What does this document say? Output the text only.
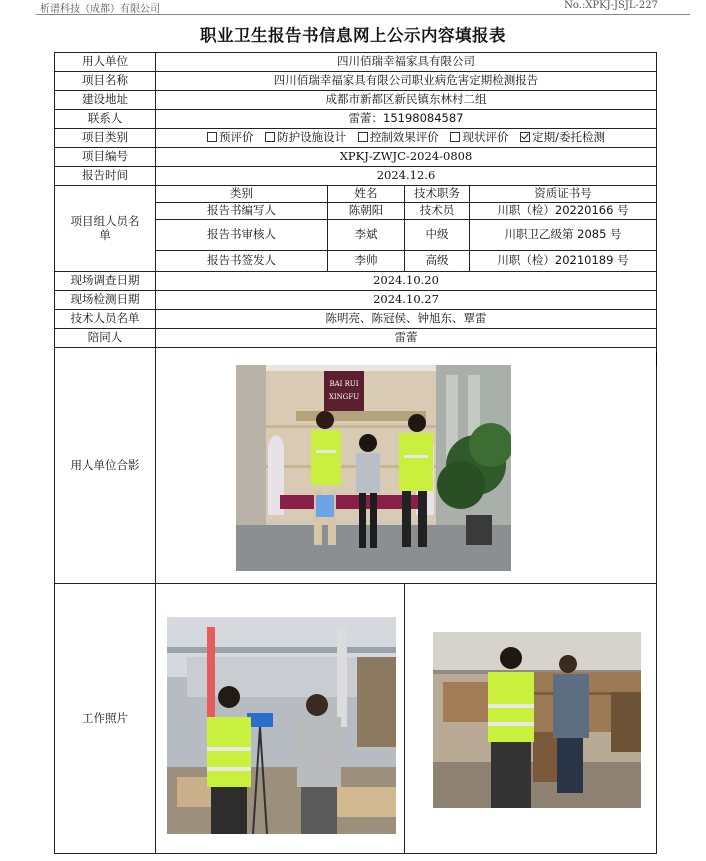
析谱科技（成都）有限公司	No.:XPKJ-JSJL-227
职业卫生报告书信息网上公示内容填报表
用人单位	四川佰瑞幸福家具有限公司			
项目名称	四川佰瑞幸福家具有限公司职业病危害定期检测报告			
建设地址	成都市新都区新民镇东林村二组			
联系人	雷蕾：15198084587			
项目类别	预评价 防护设施设计 控制效果评价 现状评价 定期/委托检测			
项目编号	XPKJ-ZWJC-2024-0808			
报告时间	2024.12.6			
项目组人员名单	类别	姓名	技术职务	资质证书号
	报告书编写人	陈朝阳	技术员	川职（检）20220166 号
	报告书审核人	李斌	中级	川职卫乙级第 2085 号
	报告书签发人	李帅	高级	川职（检）20210189 号
现场调查日期	2024.10.20			
现场检测日期	2024.10.27			
技术人员名单	陈明亮、陈冠侯、钟旭东、覃雷			
陪同人	雷蕾			
用人单位合影				
工作照片				
BAI RUI
XINGFU
